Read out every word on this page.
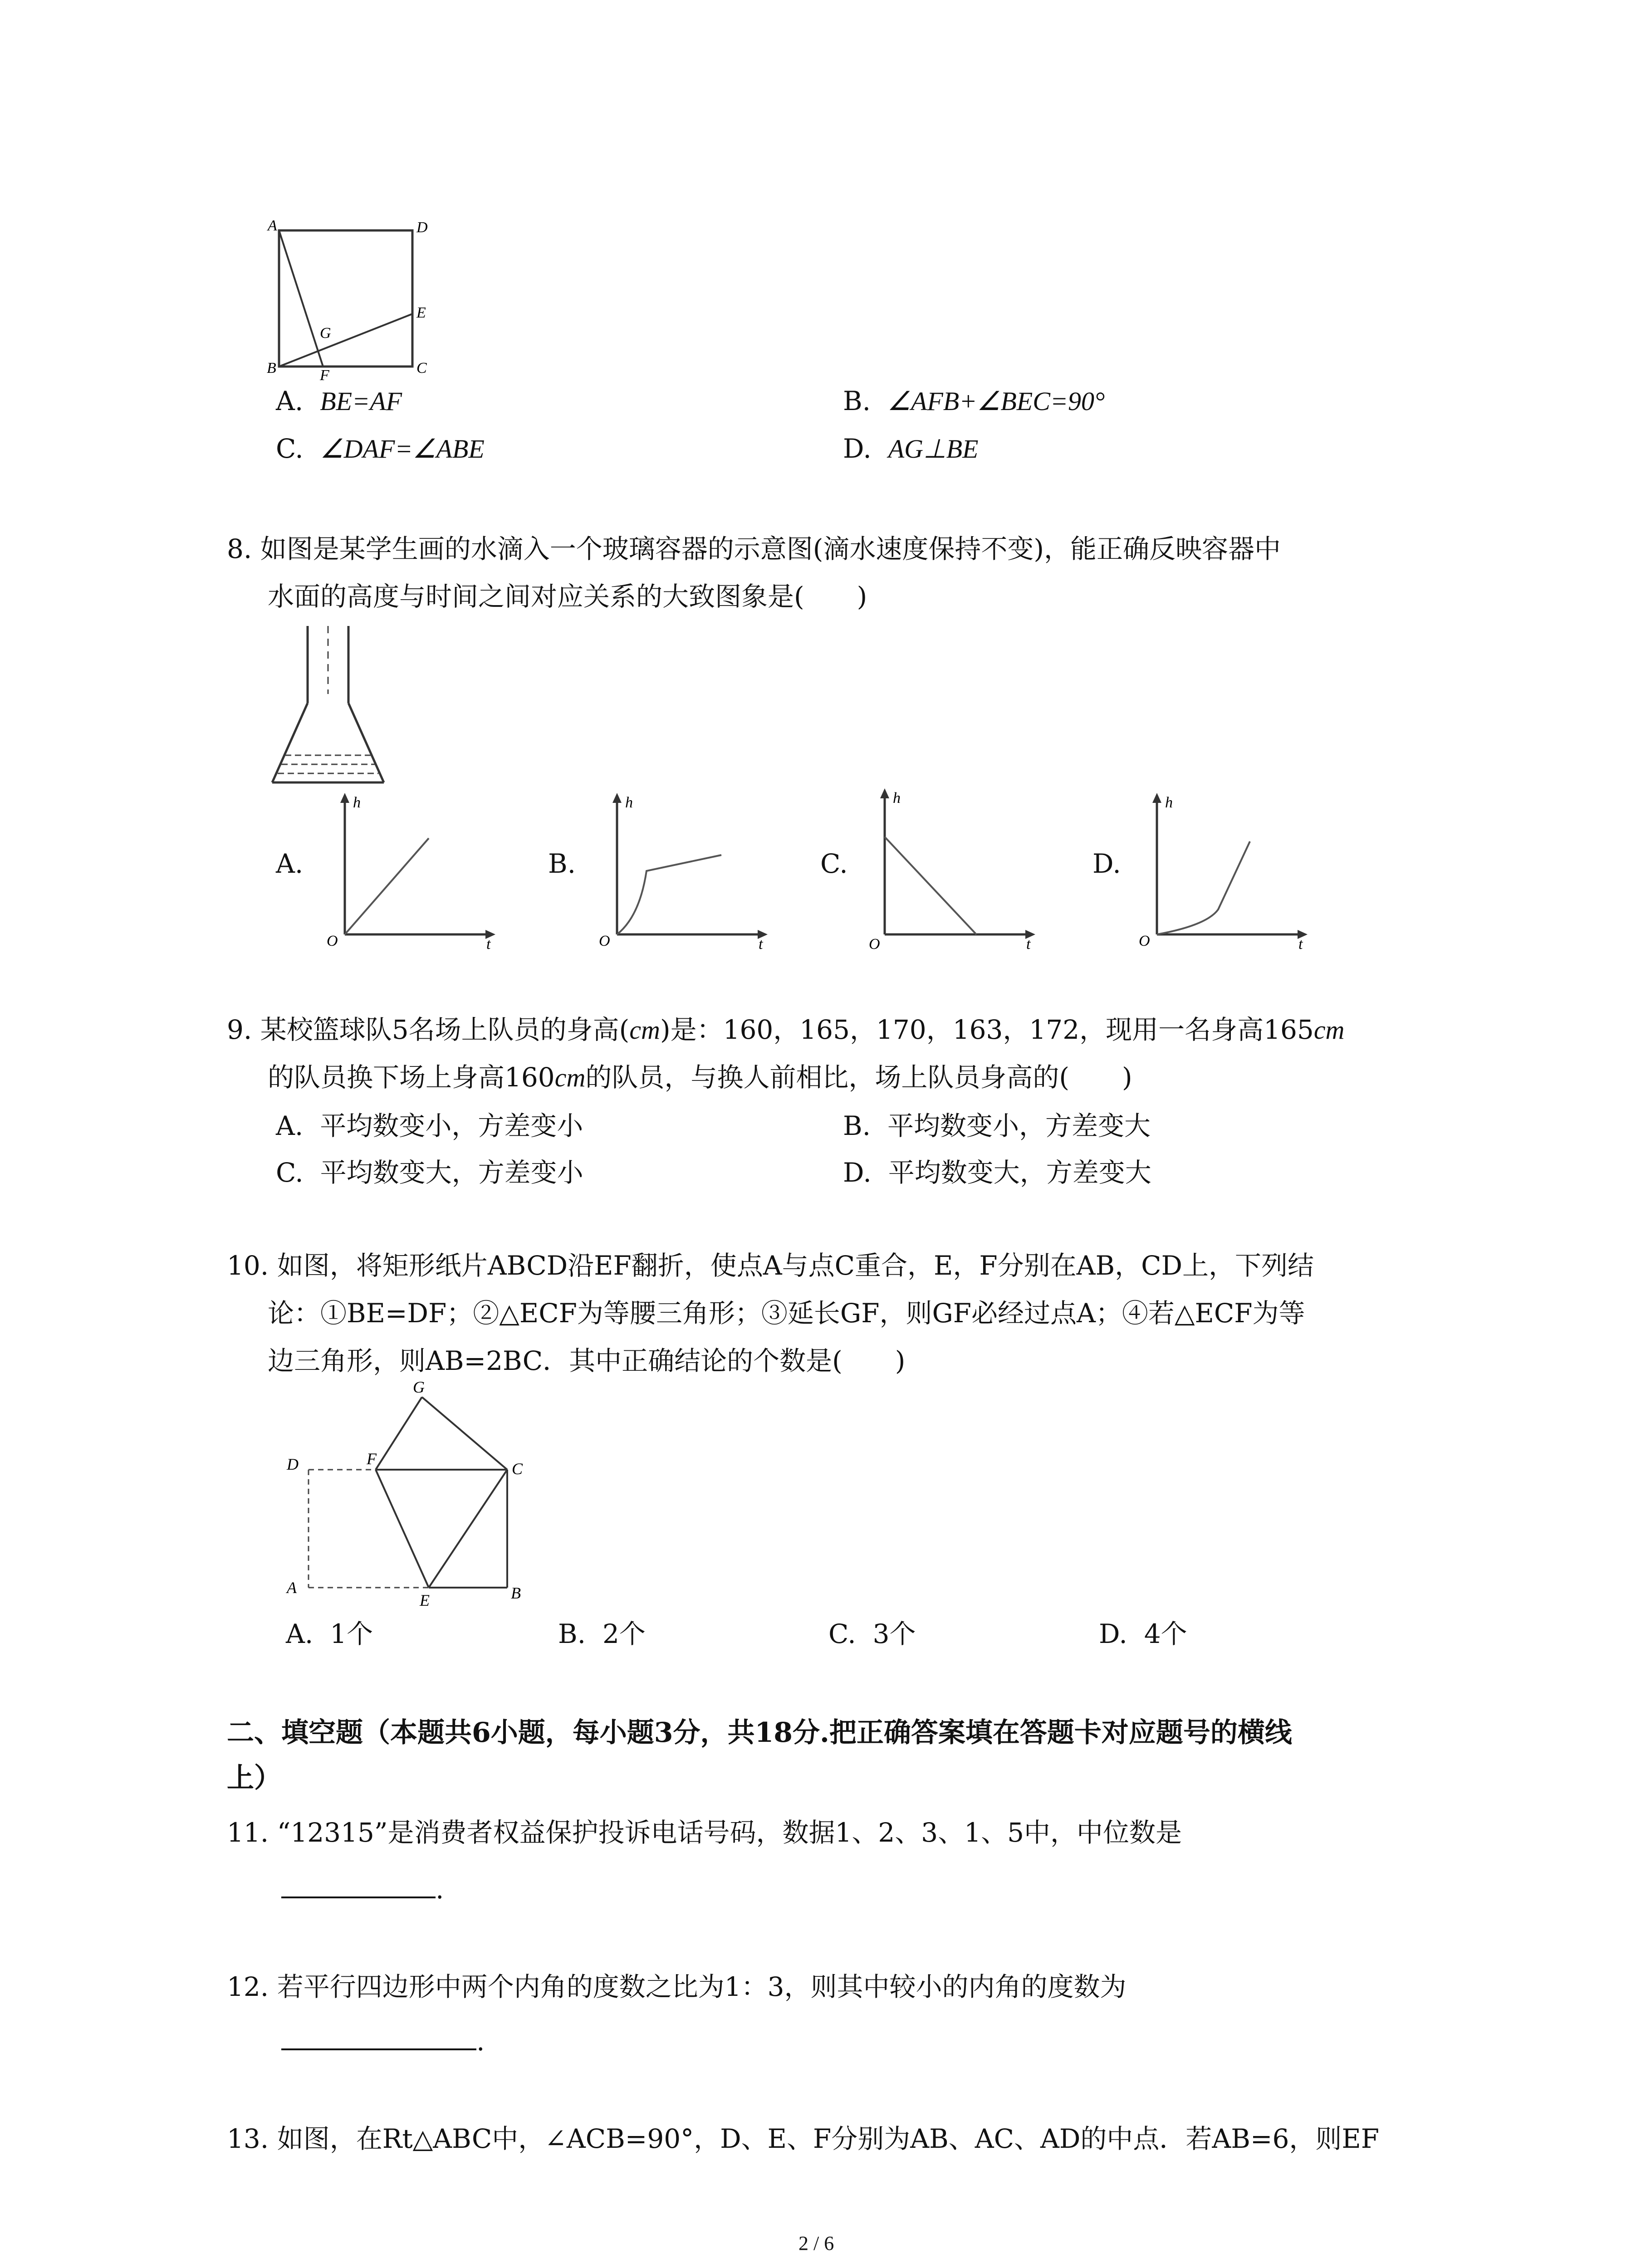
A	D
E
G
B	F	C
A. BE=AF	B. ∠AFB+∠BEC=90°
C. ∠DAF=∠ABE	D. AG⊥BE
8. 如图是某学生画的水滴入一个玻璃容器的示意图(滴水速度保持不变)，能正确反映容器中
水面的高度与时间之间对应关系的大致图象是(　　)
A.
h
O	t
B.
h
O	t
C.
h
O	t
D.
h
O	t
9. 某校篮球队5名场上队员的身高(cm)是：160，165，170，163，172，现用一名身高165cm
的队员换下场上身高160cm的队员，与换人前相比，场上队员身高的(　　)
A. 平均数变小，方差变小	B. 平均数变小，方差变大
C. 平均数变大，方差变小	D. 平均数变大，方差变大
10. 如图，将矩形纸片ABCD沿EF翻折，使点A与点C重合，E，F分别在AB，CD上，下列结
论：①BE=DF；②△ECF为等腰三角形；③延长GF，则GF必经过点A；④若△ECF为等
边三角形，则AB=2BC．其中正确结论的个数是(　　)
G
D	F
C
A
E	B
A. 1个	B. 2个	C. 3个	D. 4个
二、填空题（本题共6小题，每小题3分，共18分.把正确答案填在答题卡对应题号的横线
上）
11. “12315”是消费者权益保护投诉电话号码，数据1、2、3、1、5中，中位数是
.
12. 若平行四边形中两个内角的度数之比为1：3，则其中较小的内角的度数为
.
13. 如图，在Rt△ABC中，∠ACB=90°，D、E、F分别为AB、AC、AD的中点．若AB=6，则EF
2 / 6
